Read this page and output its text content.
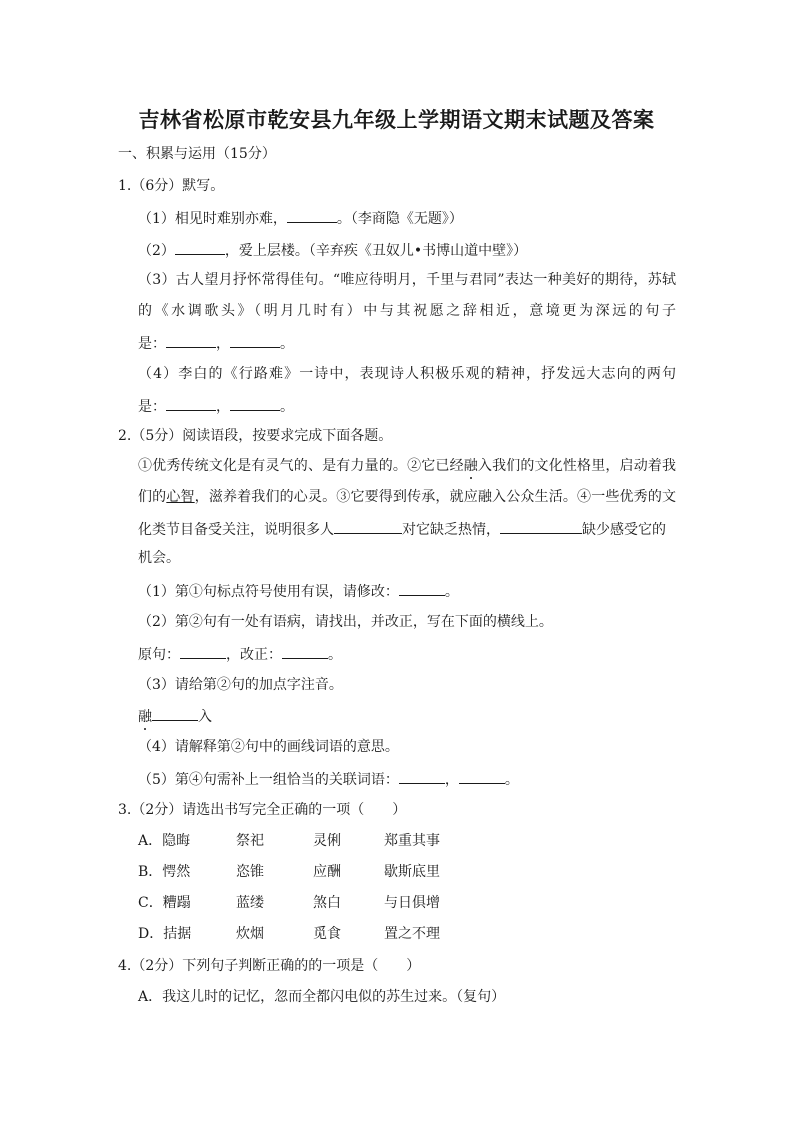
吉林省松原市乾安县九年级上学期语文期末试题及答案
一、积累与运用（15分）
1.（6分）默写。
（1）相见时难别亦难，	。（李商隐《无题》）
（2）	，爱上层楼。（辛弃疾《丑奴儿•书博山道中壁》）
（3）古人望月抒怀常得佳句。“唯应待明月，千里与君同”表达一种美好的期待，苏轼
的《水调歌头》（明月几时有）中与其祝愿之辞相近，意境更为深远的句子
是：	，	。
（4）李白的《行路难》一诗中，表现诗人积极乐观的精神，抒发远大志向的两句
是：	，	。
2.（5分）阅读语段，按要求完成下面各题。
①优秀传统文化是有灵气的、是有力量的。②它已经融入我们的文化性格里，启动着我
们的心智，滋养着我们的心灵。③它要得到传承，就应融入公众生活。④一些优秀的文
化类节目备受关注，说明很多人	对它缺乏热情，	缺少感受它的
机会。
（1）第①句标点符号使用有误，请修改：	。
（2）第②句有一处有语病，请找出，并改正，写在下面的横线上。
原句：	，改正：	。
（3）请给第②句的加点字注音。
融	入
（4）请解释第②句中的画线词语的意思。
（5）第④句需补上一组恰当的关联词语：	，	。
3.（2分）请选出书写完全正确的一项（　　）
A．隐晦	祭祀	灵俐	郑重其事
B．愕然	恣锥	应酬	歇斯底里
C．糟蹋	蓝缕	煞白	与日俱增
D．拮据	炊烟	觅食	置之不理
4.（2分）下列句子判断正确的的一项是（　　）
A．我这儿时的记忆，忽而全都闪电似的苏生过来。（复句）
